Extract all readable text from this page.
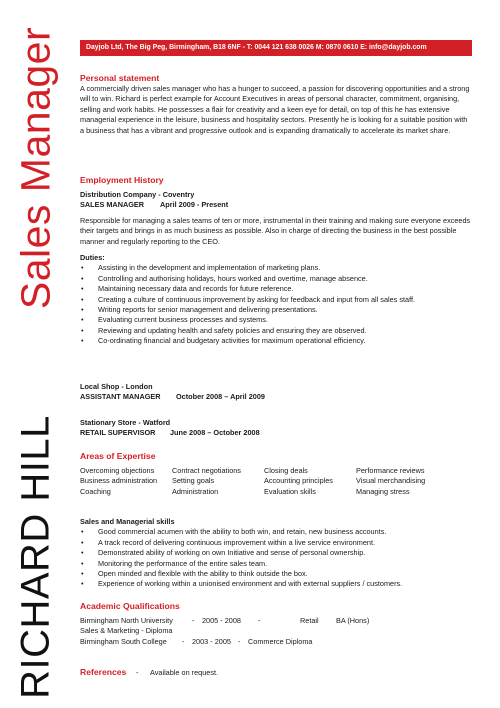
Sales Manager
RICHARD HILL
Dayjob Ltd, The Big Peg, Birmingham, B18 6NF - T: 0044 121 638 0026 M: 0870 0610 E: info@dayjob.com
Personal statement

A commercially driven sales manager who has a hunger to succeed, a passion for discovering opportunities and a strong will to win. Richard is perfect example for Account Executives in areas of personal character, commitment, organising, selling and work habits. He possesses a flair for creativity and a keen eye for detail, on top of this he has extensive managerial experience in the leisure, business and hospitality sectors. Presently he is looking for a suitable position with a business that has a vibrant and progressive outlook and is expanding dramatically to accelerate its market share.

Employment History
Distribution Company - Coventry
SALES MANAGER April 2009 - Present

Responsible for managing a sales teams of ten or more, instrumental in their training and making sure everyone exceeds their targets and brings in as much business as possible. Also in charge of directing the business in the best possible manner and regularly reporting to the CEO.

Duties:
• Assisting in the development and implementation of marketing plans.
• Controlling and authorising holidays, hours worked and overtime, manage absence.
• Maintaining necessary data and records for future reference.
• Creating a culture of continuous improvement by asking for feedback and input from all sales staff.
• Writing reports for senior management and delivering presentations.
• Evaluating current business processes and systems.
• Reviewing and updating health and safety policies and ensuring they are observed.
• Co-ordinating financial and budgetary activities for maximum operational efficiency.
Local Shop - London
ASSISTANT MANAGER October 2008 – April 2009
Stationary Store - Watford
RETAIL SUPERVISOR June 2008 – October 2008
Areas of Expertise
Overcoming objections	Contract negotiations	Closing deals	Performance reviews
Business administration	Setting goals	Accounting principles	Visual merchandising
Coaching	Administration	Evaluation skills	Managing stress
Sales and Managerial skills
• Good commercial acumen with the ability to both win, and retain, new business accounts.
• A track record of delivering continuous improvement within a live service environment.
• Demonstrated ability of working on own Initiative and sense of personal ownership.
• Monitoring the performance of the entire sales team.
• Open minded and flexible with the ability to think outside the box.
• Experience of working within a unionised environment and with external suppliers / customers.
Academic Qualifications
Birmingham North University	- 2005 - 2008 -	Retail BA (Hons)
Sales & Marketing - Diploma
Birmingham South College - 2003 - 2005 - Commerce Diploma
References - Available on request.
